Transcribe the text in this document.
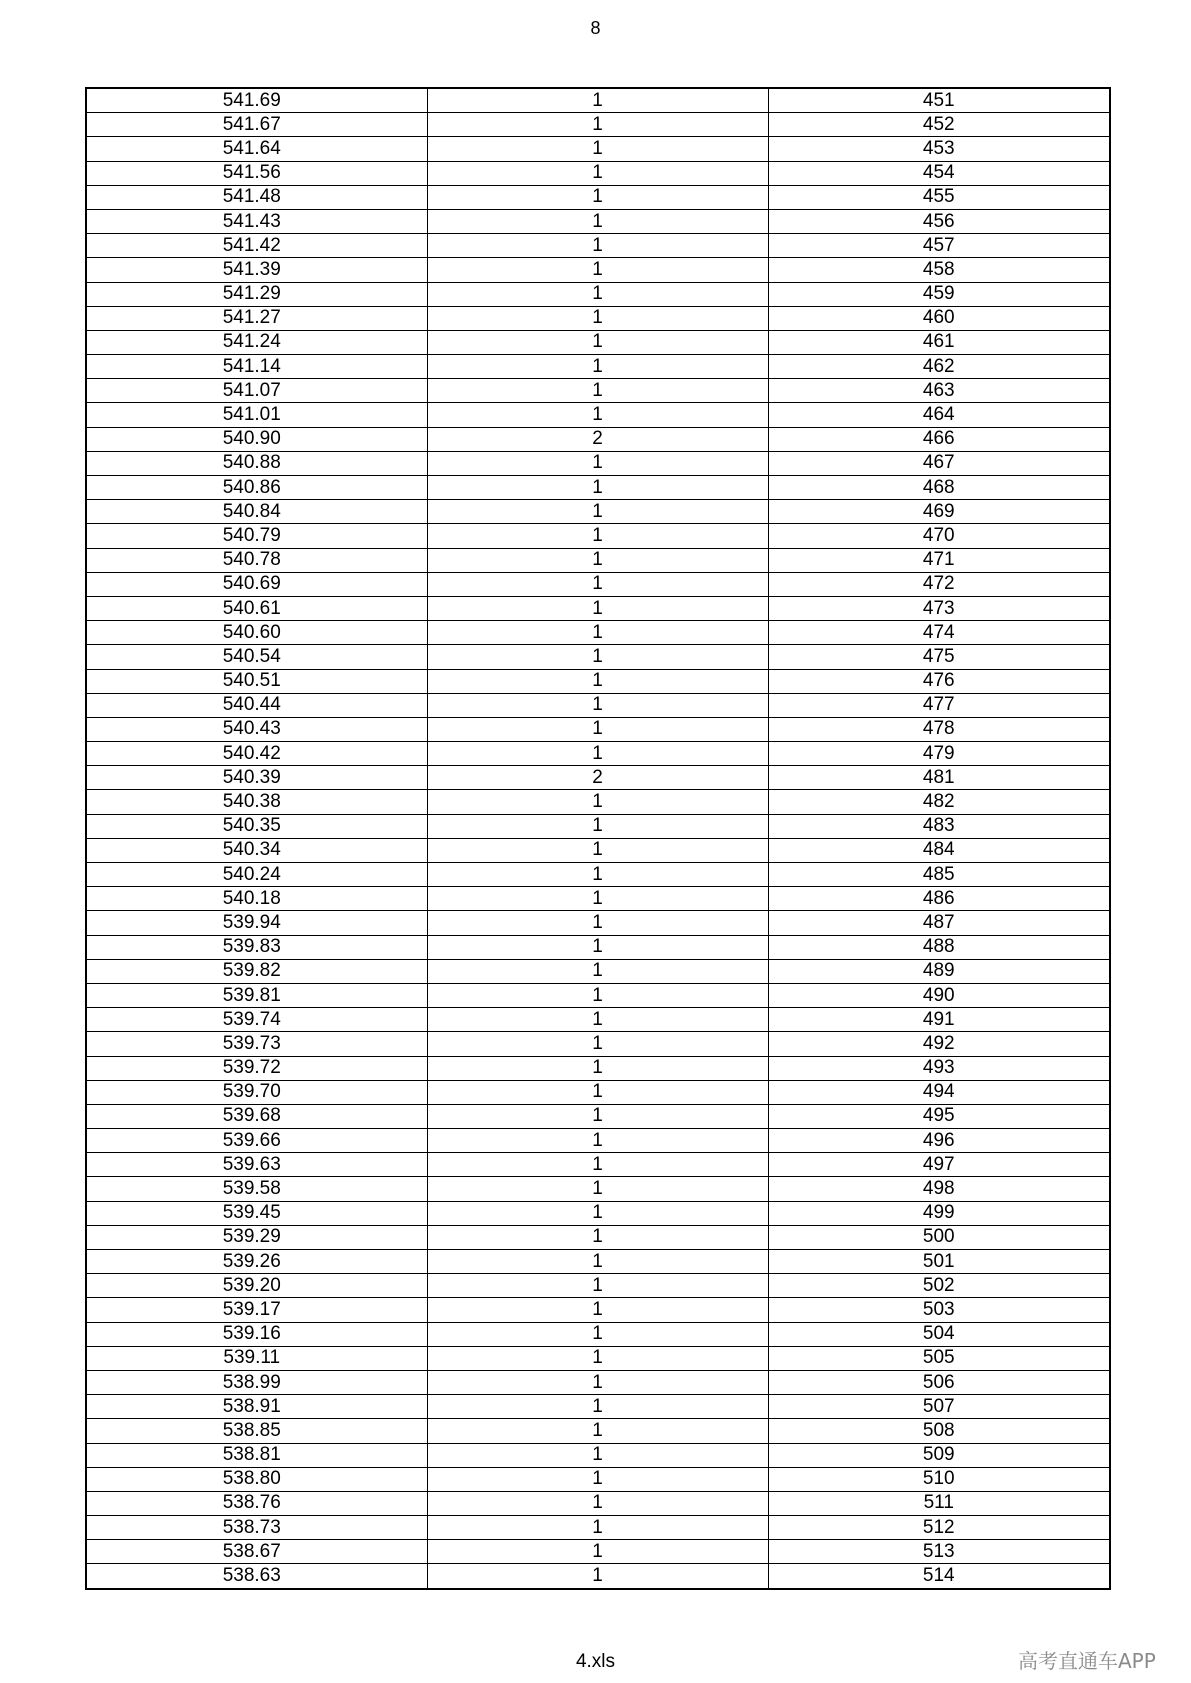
8
541.69	1	451
541.67	1	452
541.64	1	453
541.56	1	454
541.48	1	455
541.43	1	456
541.42	1	457
541.39	1	458
541.29	1	459
541.27	1	460
541.24	1	461
541.14	1	462
541.07	1	463
541.01	1	464
540.90	2	466
540.88	1	467
540.86	1	468
540.84	1	469
540.79	1	470
540.78	1	471
540.69	1	472
540.61	1	473
540.60	1	474
540.54	1	475
540.51	1	476
540.44	1	477
540.43	1	478
540.42	1	479
540.39	2	481
540.38	1	482
540.35	1	483
540.34	1	484
540.24	1	485
540.18	1	486
539.94	1	487
539.83	1	488
539.82	1	489
539.81	1	490
539.74	1	491
539.73	1	492
539.72	1	493
539.70	1	494
539.68	1	495
539.66	1	496
539.63	1	497
539.58	1	498
539.45	1	499
539.29	1	500
539.26	1	501
539.20	1	502
539.17	1	503
539.16	1	504
539.11	1	505
538.99	1	506
538.91	1	507
538.85	1	508
538.81	1	509
538.80	1	510
538.76	1	511
538.73	1	512
538.67	1	513
538.63	1	514
4.xls	高考直通车APP
